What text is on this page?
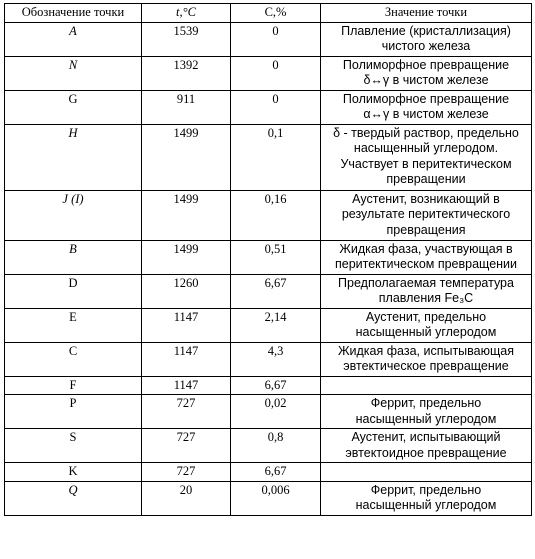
Обозначение точки	t,°C	C,%	Значение точки
A	1539	0	Плавление (кристаллизация)
чистого железа

N	1392	0	Полиморфное превращение
δ↔γ в чистом железе

G	911	0	Полиморфное превращение
α↔γ в чистом железе

H	1499	0,1	δ - твердый раствор, предельно
насыщенный углеродом.
Участвует в перитектическом
превращении

J (I)	1499	0,16	Аустенит, возникающий в
результате перитектического
превращения

B	1499	0,51	Жидкая фаза, участвующая в
перитектическом превращении

D	1260	6,67	Предполагаемая температура
плавления Fe₃C

E	1147	2,14	Аустенит, предельно
насыщенный углеродом

C	1147	4,3	Жидкая фаза, испытывающая
эвтектическое превращение

F	1147	6,67	
P	727	0,02	Феррит, предельно
насыщенный углеродом

S	727	0,8	Аустенит, испытывающий
эвтектоидное превращение

K	727	6,67	
Q	20	0,006	Феррит, предельно
насыщенный углеродом
